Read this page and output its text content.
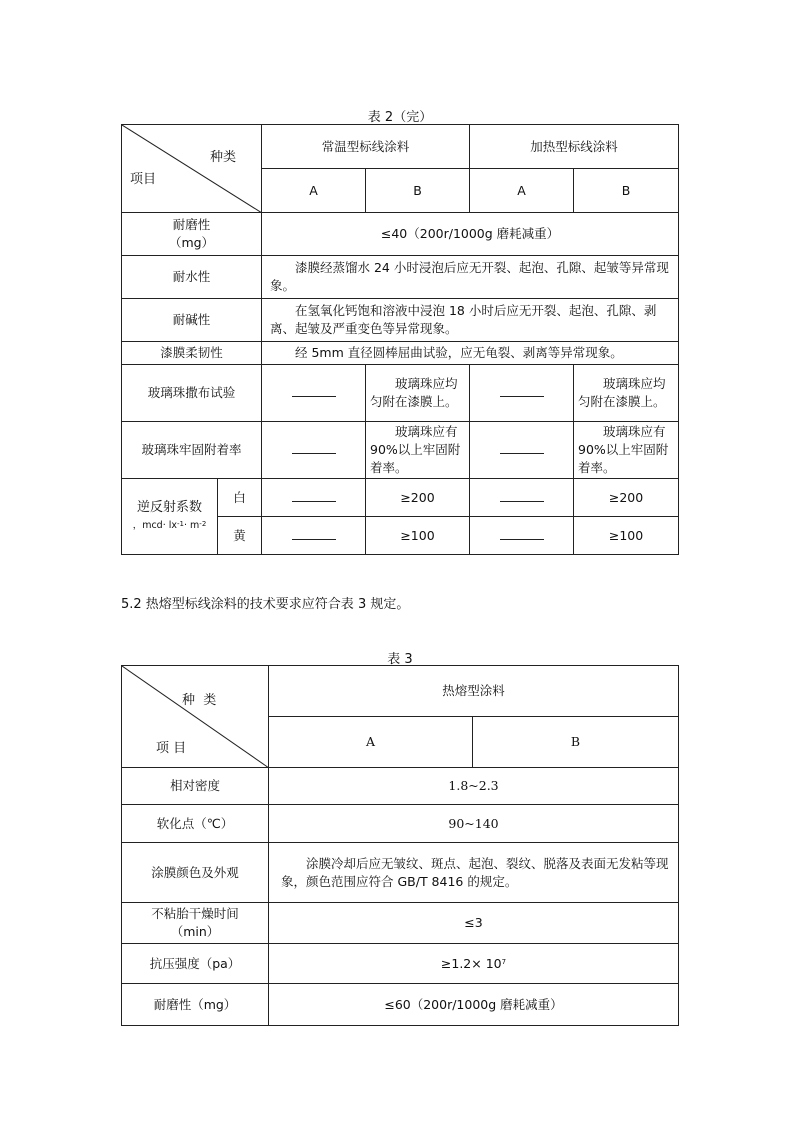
表 2（完）
种类
项目		常温型标线涂料		加热型标线涂料	
		A	B	A	B

耐磨性
（mg）		≤40（200r/1000g 磨耗减重）			
耐水性		漆膜经蒸馏水 24 小时浸泡后应无开裂、起泡、孔隙、起皱等异常现象。			
耐碱性		在氢氧化钙饱和溶液中浸泡 18 小时后应无开裂、起泡、孔隙、剥离、起皱及严重变色等异常现象。			
漆膜柔韧性		经 5mm 直径圆棒屈曲试验，应无龟裂、剥离等异常现象。			
玻璃珠撒布试验			玻璃珠应均匀附在漆膜上。		玻璃珠应均匀附在漆膜上。
玻璃珠牢固附着率			玻璃珠应有 90%以上牢固附着率。		玻璃珠应有 90%以上牢固附着率。

逆反射系数
，$mcd\cdot lx^{-1}\cdot m^{-2}$	白		≥200		≥200
	黄		≥100		≥100
5.2 热熔型标线涂料的技术要求应符合表 3 规定。
表 3
种  类
项 目	热熔型涂料	
	A	B
相对密度	1.8~2.3	
软化点（℃）	90~140	
涂膜颜色及外观	涂膜冷却后应无皱纹、斑点、起泡、裂纹、脱落及表面无发粘等现象，颜色范围应符合 GB/T 8416 的规定。	

不粘胎干燥时间
（min）	≤3	
抗压强度（pa）	$\ge 1.2\times 10^7$
耐磨性（mg）	≤60（200r/1000g 磨耗减重）	
